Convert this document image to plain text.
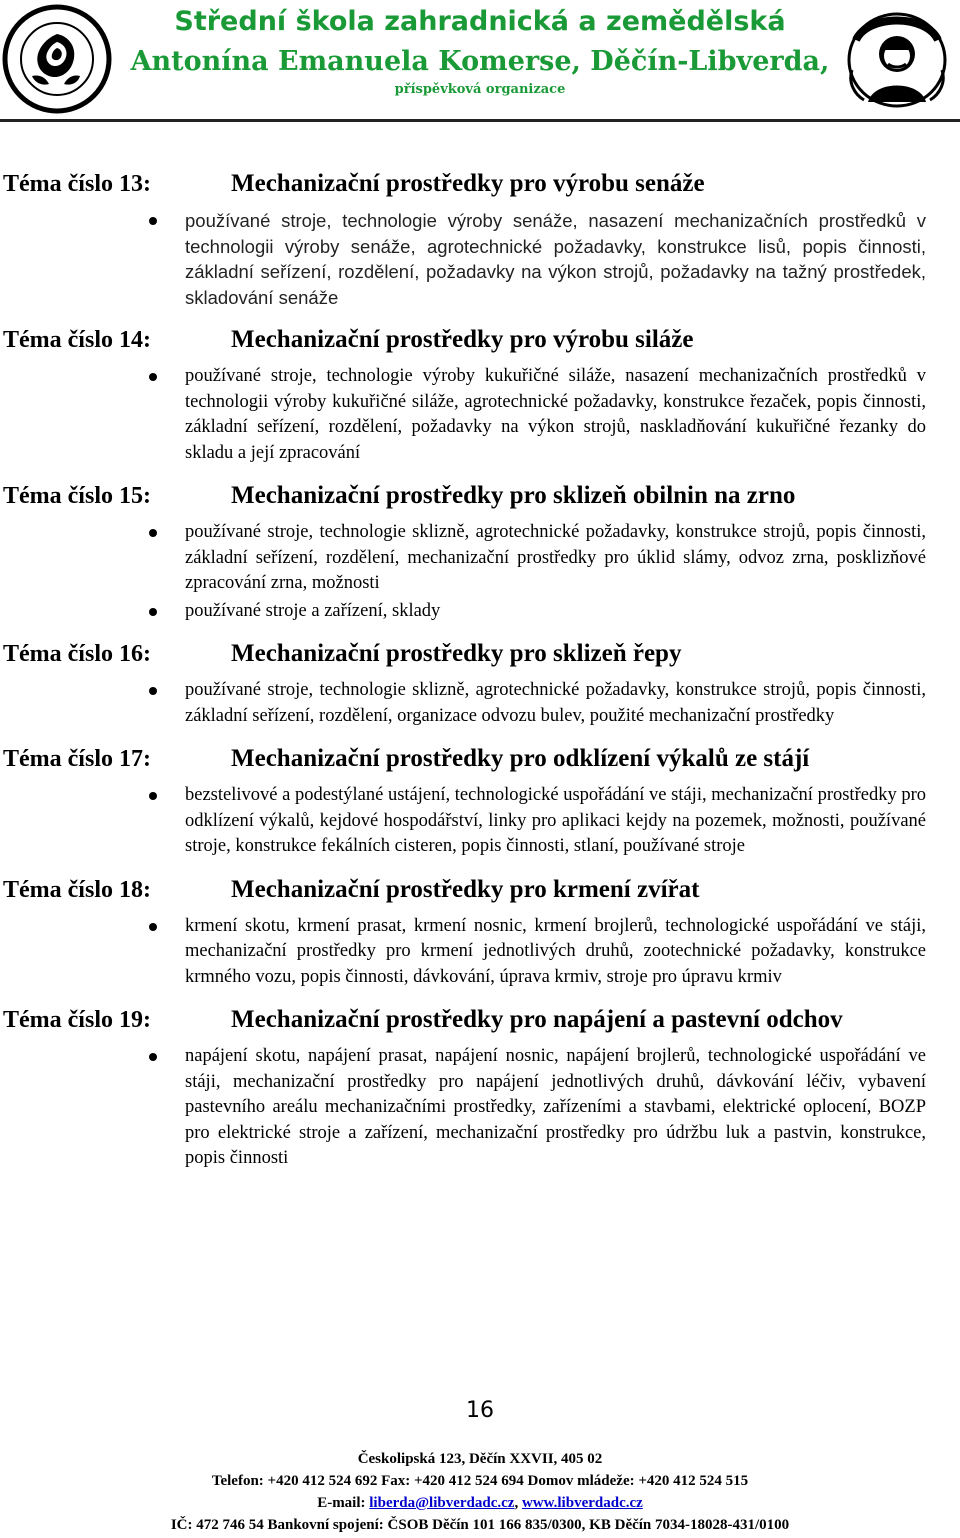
Střední škola zahradnická a zemědělská
Antonína Emanuela Komerse, Děčín-Libverda,
příspěvková organizace
Téma číslo 13:	Mechanizační prostředky pro výrobu senáže
používané stroje, technologie výroby senáže, nasazení mechanizačních prostředků v technologii výroby senáže, agrotechnické požadavky, konstrukce lisů, popis činnosti, základní seřízení, rozdělení, požadavky na výkon strojů, požadavky na tažný prostředek, skladování senáže
Téma číslo 14:	Mechanizační prostředky pro výrobu siláže
používané stroje, technologie výroby kukuřičné siláže, nasazení mechanizačních prostředků v technologii výroby kukuřičné siláže, agrotechnické požadavky, konstrukce řezaček, popis činnosti, základní seřízení, rozdělení, požadavky na výkon strojů, naskladňování kukuřičné řezanky do skladu a její zpracování
Téma číslo 15:	Mechanizační prostředky pro sklizeň obilnin na zrno
používané stroje, technologie sklizně, agrotechnické požadavky, konstrukce strojů, popis činnosti, základní seřízení, rozdělení, mechanizační prostředky pro úklid slámy, odvoz zrna, posklizňové zpracování zrna, možnosti
používané stroje a zařízení, sklady
Téma číslo 16:	Mechanizační prostředky pro sklizeň řepy
používané stroje, technologie sklizně, agrotechnické požadavky, konstrukce strojů, popis činnosti, základní seřízení, rozdělení, organizace odvozu bulev, použité mechanizační prostředky
Téma číslo 17:	Mechanizační prostředky pro odklízení výkalů ze stájí
bezstelivové a podestýlané ustájení, technologické uspořádání ve stáji, mechanizační prostředky pro odklízení výkalů, kejdové hospodářství, linky pro aplikaci kejdy na pozemek, možnosti, používané stroje, konstrukce fekálních cisteren, popis činnosti, stlaní, používané stroje
Téma číslo 18:	Mechanizační prostředky pro krmení zvířat
krmení skotu, krmení prasat, krmení nosnic, krmení brojlerů, technologické uspořádání ve stáji, mechanizační prostředky pro krmení jednotlivých druhů, zootechnické požadavky, konstrukce krmného vozu, popis činnosti, dávkování, úprava krmiv, stroje pro úpravu krmiv
Téma číslo 19:	Mechanizační prostředky pro napájení a pastevní odchov
napájení skotu, napájení prasat, napájení nosnic, napájení brojlerů, technologické uspořádání ve stáji, mechanizační prostředky pro napájení jednotlivých druhů, dávkování léčiv, vybavení pastevního areálu mechanizačními prostředky, zařízeními a stavbami, elektrické oplocení, BOZP pro elektrické stroje a zařízení, mechanizační prostředky pro údržbu luk a pastvin, konstrukce, popis činnosti
16
Českolipská 123, Děčín XXVII, 405 02
Telefon: +420 412 524 692 Fax: +420 412 524 694 Domov mládeže: +420 412 524 515
E-mail: liberda@libverdadc.cz, www.libverdadc.cz
IČ: 472 746 54 Bankovní spojení: ČSOB Děčín 101 166 835/0300, KB Děčín 7034-18028-431/0100
